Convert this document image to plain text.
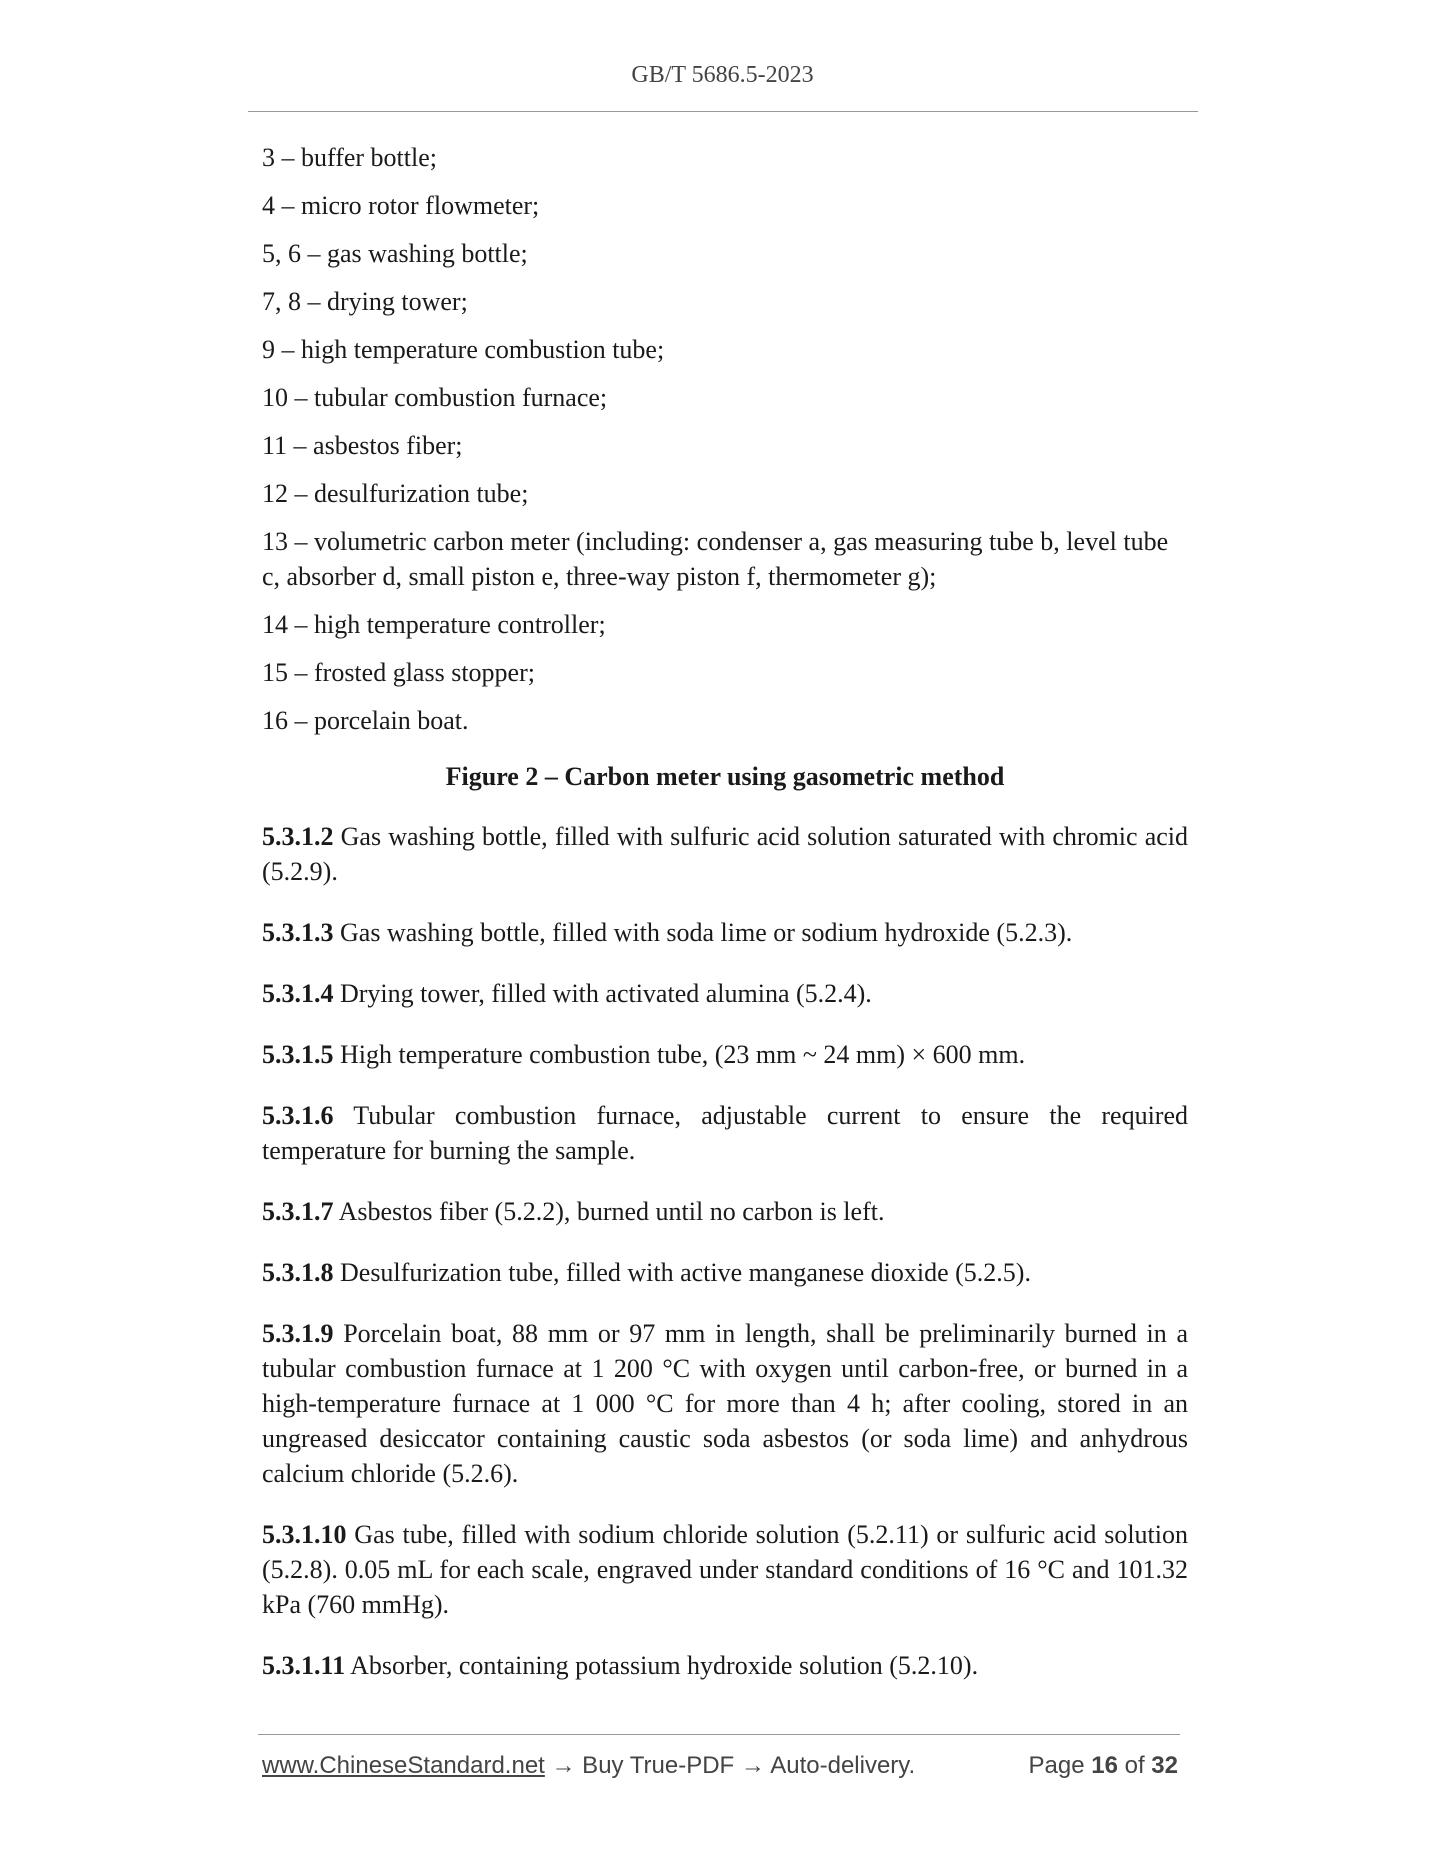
GB/T 5686.5-2023

3 – buffer bottle;

4 – micro rotor flowmeter;

5, 6 – gas washing bottle;

7, 8 – drying tower;

9 – high temperature combustion tube;

10 – tubular combustion furnace;

11 – asbestos fiber;

12 – desulfurization tube;

13 – volumetric carbon meter (including: condenser a, gas measuring tube b, level tube c, absorber d, small piston e, three-way piston f, thermometer g);

14 – high temperature controller;

15 – frosted glass stopper;

16 – porcelain boat.

Figure 2 – Carbon meter using gasometric method

5.3.1.2 Gas washing bottle, filled with sulfuric acid solution saturated with chromic acid (5.2.9).

5.3.1.3 Gas washing bottle, filled with soda lime or sodium hydroxide (5.2.3).

5.3.1.4 Drying tower, filled with activated alumina (5.2.4).

5.3.1.5 High temperature combustion tube, (23 mm ~ 24 mm) × 600 mm.

5.3.1.6 Tubular combustion furnace, adjustable current to ensure the required temperature for burning the sample.

5.3.1.7 Asbestos fiber (5.2.2), burned until no carbon is left.

5.3.1.8 Desulfurization tube, filled with active manganese dioxide (5.2.5).

5.3.1.9 Porcelain boat, 88 mm or 97 mm in length, shall be preliminarily burned in a tubular combustion furnace at 1 200 °C with oxygen until carbon-free, or burned in a high-temperature furnace at 1 000 °C for more than 4 h; after cooling, stored in an ungreased desiccator containing caustic soda asbestos (or soda lime) and anhydrous calcium chloride (5.2.6).

5.3.1.10 Gas tube, filled with sodium chloride solution (5.2.11) or sulfuric acid solution (5.2.8). 0.05 mL for each scale, engraved under standard conditions of 16 °C and 101.32 kPa (760 mmHg).

5.3.1.11 Absorber, containing potassium hydroxide solution (5.2.10).

www.ChineseStandard.net → Buy True-PDF → Auto-delivery.	Page 16 of 32
